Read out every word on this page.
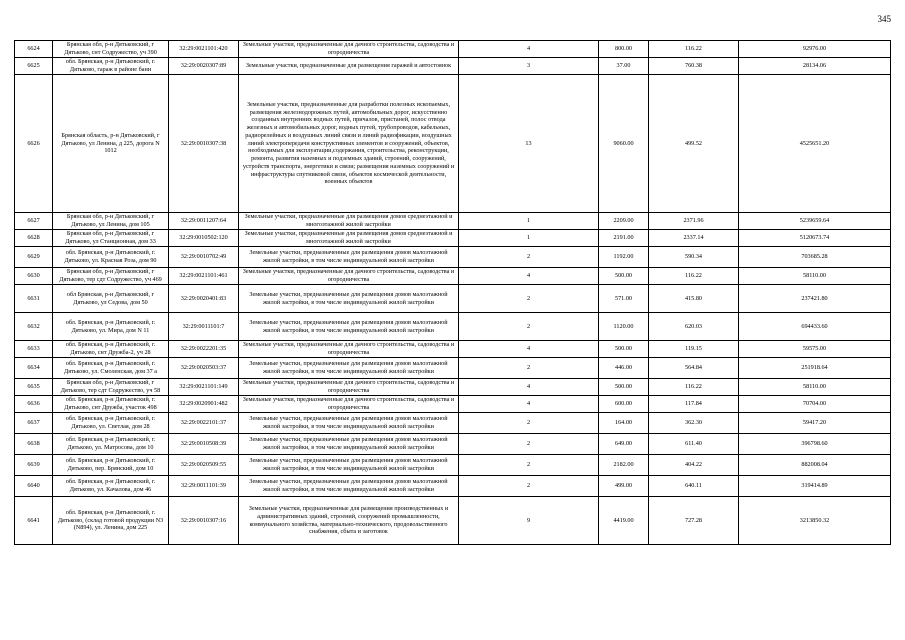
345
6624	Брянская обл, р-н Дятьковский, г Дятьково, снт Содружество, уч 390	32:29:0021101:420	Земельные участки, предназначенные для дачного строительства, садоводства и огородничества	4	800.00	116.22	92976.00
6625	обл. Брянская, р-н Дятьковский, г. Дятьково, гараж в районе бани	32:29:0020307:89	Земельные участки, предназначенные для размещения гаражей и автостоянок	3	37.00	760.38	28134.06
6626	Брянская область, р-н Дятьковский, г Дятьково, ул Ленина, д 225, дорога N 1012	32:29:0010307:38	Земельные участки, предназначенные для разработки полезных ископаемых, размещения железнодорожных путей, автомобильных дорог, искусственно созданных внутренних водных путей, причалов, пристаней, полос отвода железных и автомобильных дорог, водных путей, трубопроводов, кабельных, радиорелейных и воздушных линий связи и линий радиофикации, воздушных линий электропередачи конструктивных элементов и сооружений, объектов, необходимых для эксплуатации,содержания, строительства, реконструкции, ремонта, развития наземных и подземных зданий, строений, сооружений, устройств транспорта, энергетики и связи; размещения наземных сооружений и инфраструктуры спутниковой связи, объектов космической деятельности, военных объектов	13	9060.00	499.52	4525651.20
6627	Брянская обл, р-н Дятьковский, г Дятьково, ул Ленина, дом 105	32:29:0011207:64	Земельные участки, предназначенные для размещения домов среднеэтажной и многоэтажной жилой застройки	1	2209.00	2371.96	5239659.64
6628	Брянская обл, р-н Дятьковский, г Дятьково, ул Станционная, дом 33	32:29:0010502:120	Земельные участки, предназначенные для размещения домов среднеэтажной и многоэтажной жилой застройки	1	2191.00	2337.14	5120673.74
6629	обл. Брянская, р-н Дятьковский, г. Дятьково, ул. Красная Роза, дом 90	32:29:0010702:49	Земельные участки, предназначенные для размещения домов малоэтажной жилой застройки, в том числе индивидуальной жилой застройки	2	1192.00	590.34	703685.28
6630	Брянская обл, р-н Дятьковский, г Дятьково, тер сдт Содружество, уч 469	32:29:0021101:461	Земельные участки, предназначенные для дачного строительства, садоводства и огородничества	4	500.00	116.22	58110.00
6631	обл Брянская, р-н Дятьковский, г Дятьково, ул Седова, дом 50	32:29:0020401:83	Земельные участки, предназначенные для размещения домов малоэтажной жилой застройки, в том числе индивидуальной жилой застройки	2	571.00	415.80	237421.80
6632	обл. Брянская, р-н Дятьковский, г. Дятьково, ул. Мира, дом N 11	32:29:0011101:7	Земельные участки, предназначенные для размещения домов малоэтажной жилой застройки, в том числе индивидуальной жилой застройки	2	1120.00	620.03	694433.60
6633	обл. Брянская, р-н Дятьковский, г. Дятьково, снт Дружба-2, уч 28	32:29:0022201:35	Земельные участки, предназначенные для дачного строительства, садоводства и огородничества	4	500.00	119.15	59575.00
6634	обл. Брянская, р-н Дятьковский, г. Дятьково, ул. Смоленская, дом 37 а	32:29:0020503:37	Земельные участки, предназначенные для размещения домов малоэтажной жилой застройки, в том числе индивидуальной жилой застройки	2	446.00	564.84	251918.64
6635	Брянская обл, р-н Дятьковский, г Дятьково, тер сдт Содружество, уч 58	32:29:0021101:149	Земельные участки, предназначенные для дачного строительства, садоводства и огородничества	4	500.00	116.22	58110.00
6636	обл. Брянская, р-н Дятьковский, г. Дятьково, снт Дружба, участок 498	32:29:0020901:482	Земельные участки, предназначенные для дачного строительства, садоводства и огородничества	4	600.00	117.84	70704.00
6637	обл. Брянская, р-н Дятьковский, г. Дятьково, ул. Светлая, дом 28	32:29:0022101:37	Земельные участки, предназначенные для размещения домов малоэтажной жилой застройки, в том числе индивидуальной жилой застройки	2	164.00	362.30	59417.20
6638	обл. Брянская, р-н Дятьковский, г. Дятьково, ул. Матросова, дом 10	32:29:0010508:39	Земельные участки, предназначенные для размещения домов малоэтажной жилой застройки, в том числе индивидуальной жилой застройки	2	649.00	611.40	396798.60
6639	обл. Брянская, р-н Дятьковский, г. Дятьково, пер. Брянский, дом 10	32:29:0020509:55	Земельные участки, предназначенные для размещения домов малоэтажной жилой застройки, в том числе индивидуальной жилой застройки	2	2182.00	404.22	882008.04
6640	обл. Брянская, р-н Дятьковский, г. Дятьково, ул. Качалова, дом 46	32:29:0011101:39	Земельные участки, предназначенные для размещения домов малоэтажной жилой застройки, в том числе индивидуальной жилой застройки	2	499.00	640.11	319414.89
6641	обл. Брянская, р-н Дятьковский, г. Дятьково, (склад готовой продукции N3 (N894), ул. Ленина, дом 225	32:29:0010307:16	Земельные участки, предназначенные для размещения производственных и административных зданий, строений, сооружений промышленности, коммунального хозяйства, материально-технического, продовольственного снабжения, сбыта и заготовок	9	4419.00	727.28	3213850.32
